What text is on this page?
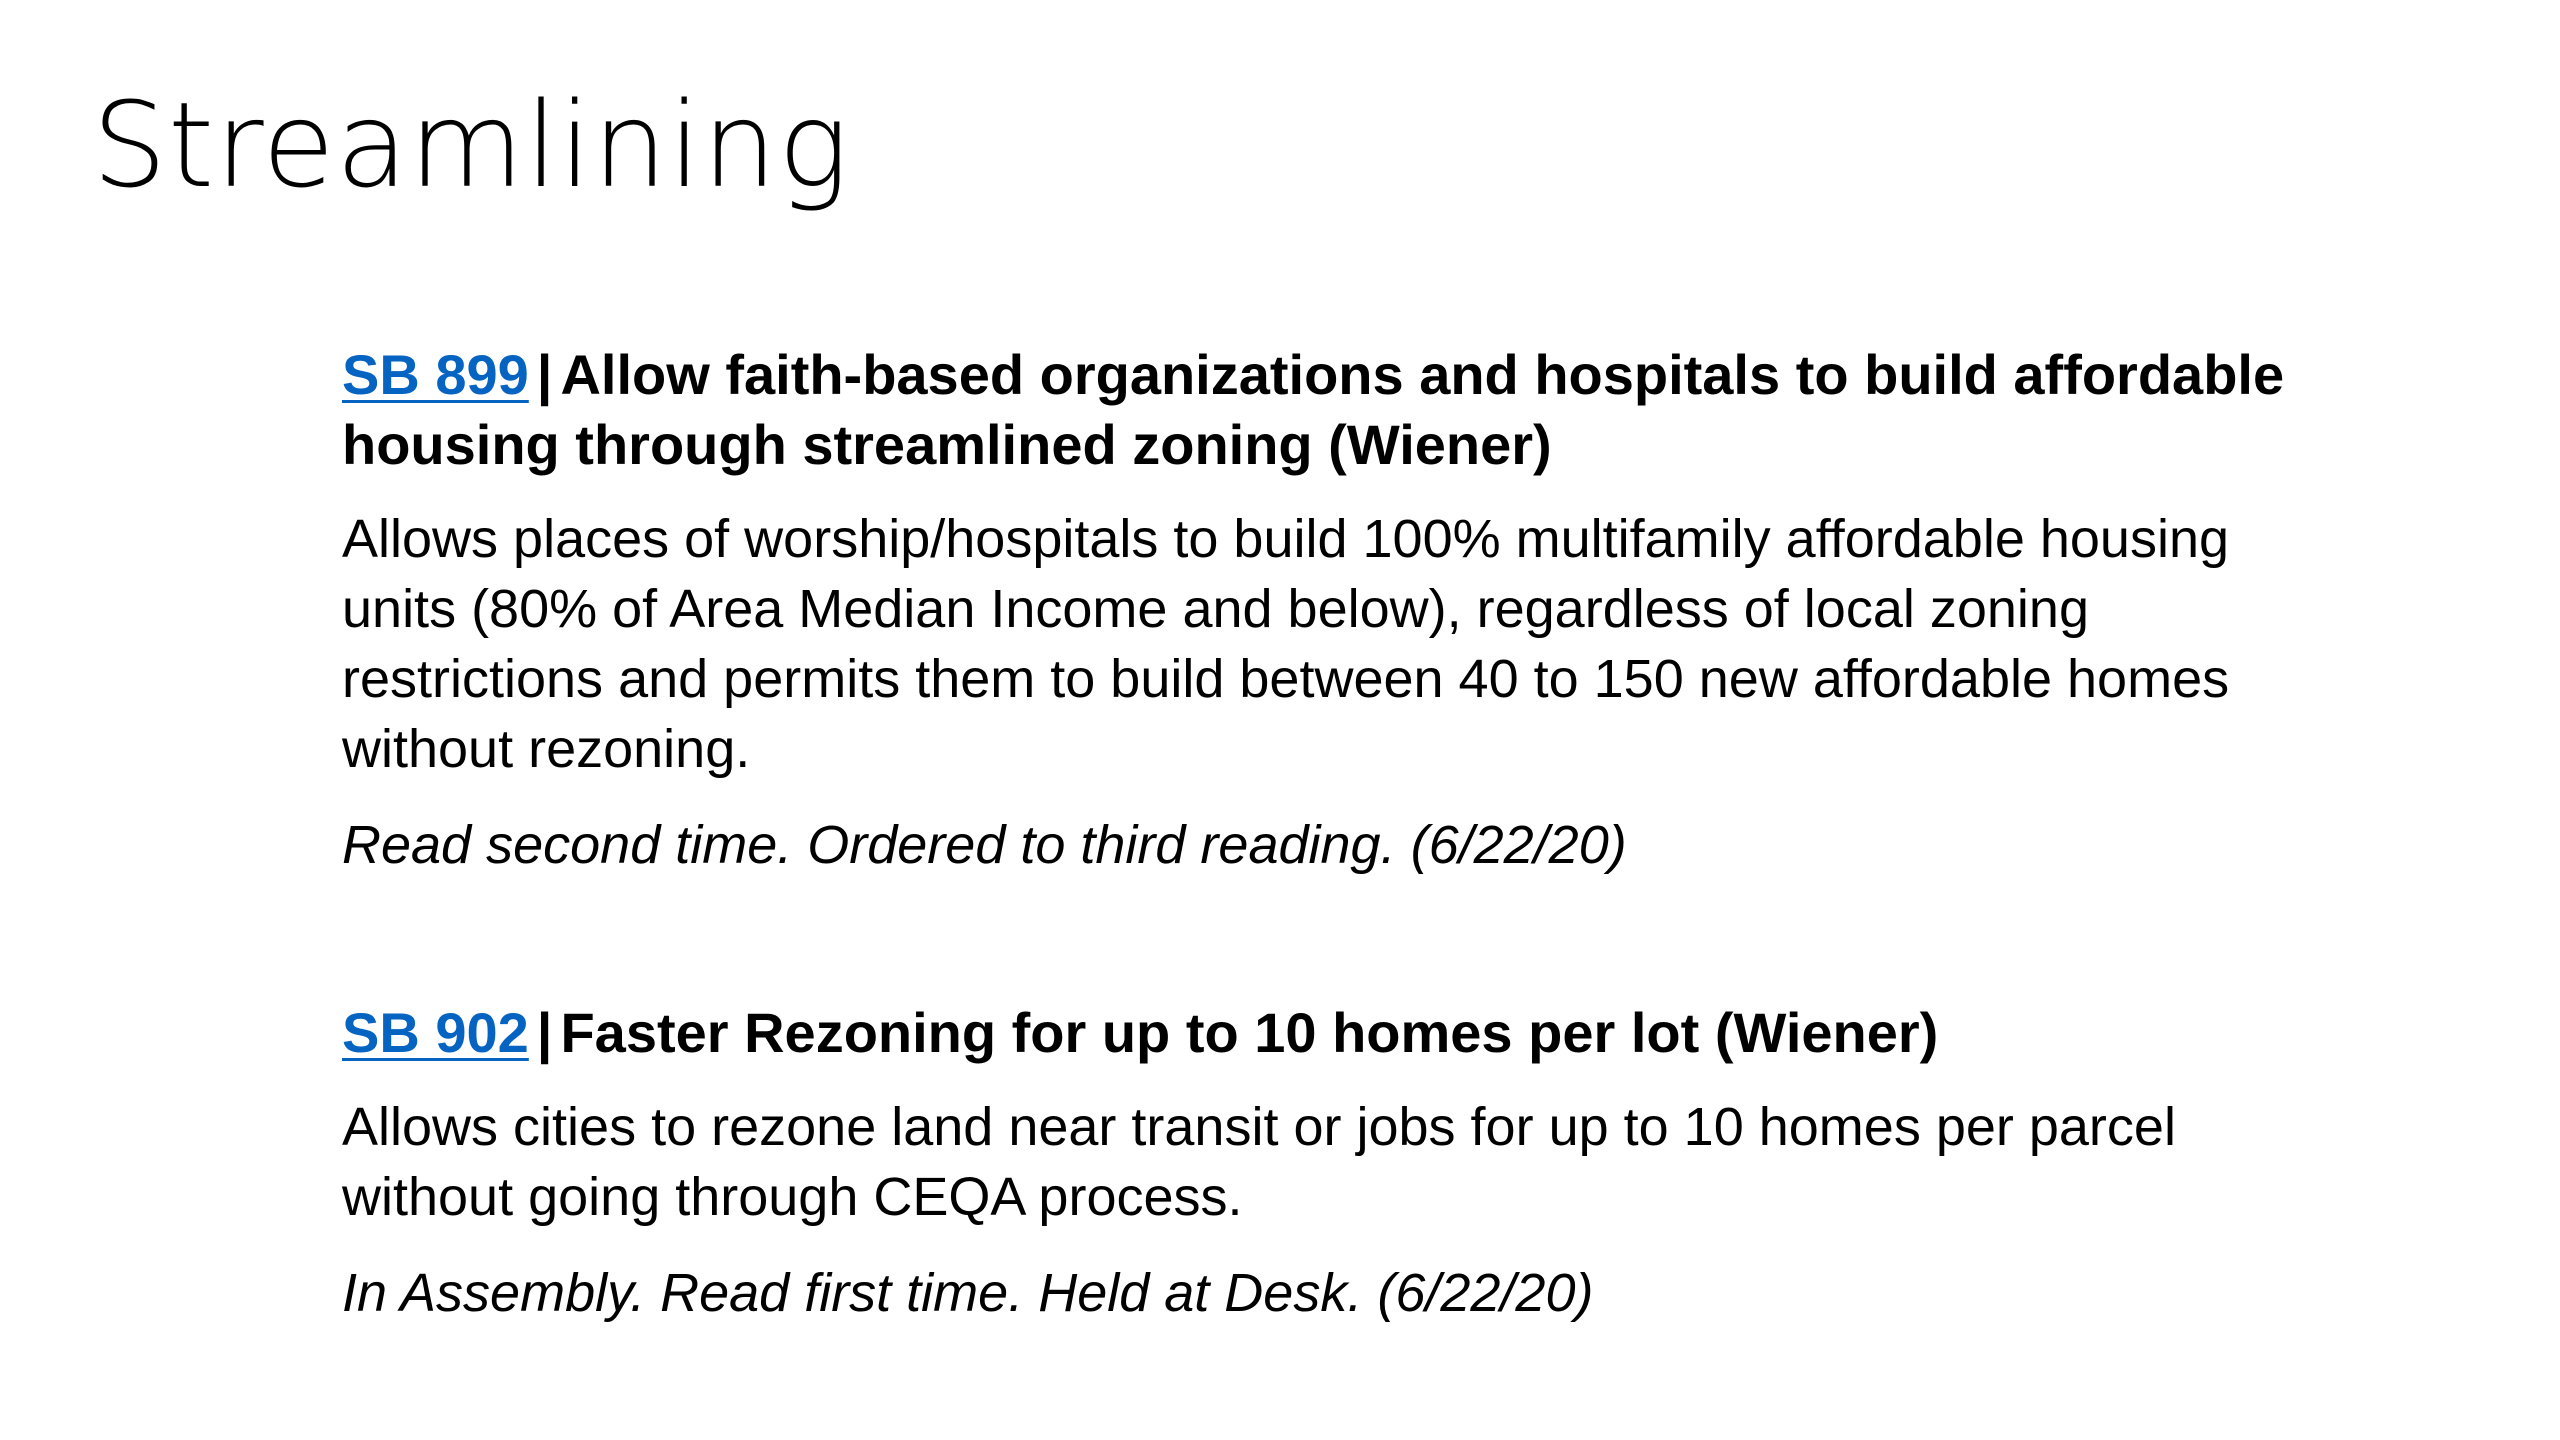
Streamlining

SB 899 | Allow faith-based organizations and hospitals to build affordable housing through streamlined zoning (Wiener)

Allows places of worship/hospitals to build 100% multifamily affordable housing units (80% of Area Median Income and below), regardless of local zoning restrictions and permits them to build between 40 to 150 new affordable homes without rezoning.

Read second time. Ordered to third reading. (6/22/20)

SB 902 | Faster Rezoning for up to 10 homes per lot (Wiener)

Allows cities to rezone land near transit or jobs for up to 10 homes per parcel without going through CEQA process.

In Assembly. Read first time. Held at Desk. (6/22/20)
